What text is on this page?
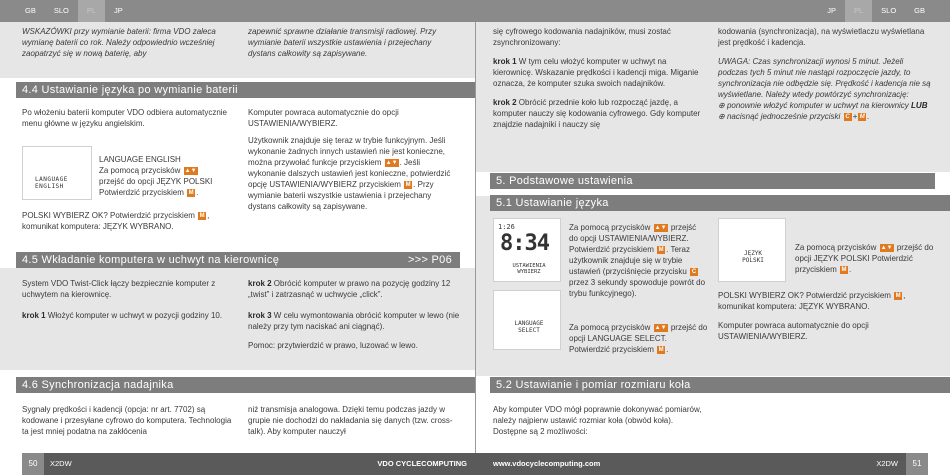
GB	SLO	PL	JP	JP	PL	SLO	GB
WSKAZÓWKI przy wymianie baterii: firma VDO zaleca wymianę baterii co rok. Należy odpowiednio wcześniej zaopatrzyć się w nową baterię, aby
zapewnić sprawne działanie transmisji radiowej. Przy wymianie baterii wszystkie ustawienia i przejechany dystans całkowity są zapisywane.
4.4 Ustawianie języka po wymianie baterii
Po włożeniu baterii komputer VDO odbiera automatycznie menu główne w języku angielskim.
LANGUAGE ENGLISH
LANGUAGE ENGLISH
Za pomocą przycisków ▲▼
przejść do opcji JĘZYK POLSKI
Potwierdzić przyciskiem M .
POLSKI WYBIERZ OK? Potwierdzić przyciskiem M , komunikat komputera: JĘZYK WYBRANO.

Komputer powraca automatycznie do opcji USTAWIENIA/WYBIERZ.

Użytkownik znajduje się teraz w trybie funkcyjnym. Jeśli wykonanie żadnych innych ustawień nie jest konieczne, można przywołać funkcje przyciskiem ▲▼ . Jeśli wykonanie dalszych ustawień jest konieczne, potwierdzić opcję USTAWIENIA/WYBIERZ przyciskiem M . Przy wymianie baterii wszystkie ustawienia i przejechany dystans całkowity są zapisywane.

4.5 Wkładanie komputera w uchwyt na kierownicę	>>> P06

System VDO Twist-Click łączy bezpiecznie komputer z uchwytem na kierownicę.

krok 1 Włożyć komputer w uchwyt w pozycji godziny 10.

krok 2 Obrócić komputer w prawo na pozycję godziny 12 „twist” i zatrzasnąć w uchwycie „click”.

krok 3 W celu wymontowania obrócić komputer w lewo (nie należy przy tym naciskać ani ciągnąć).

Pomoc: przytwierdzić w prawo, luzować w lewo.

4.6 Synchronizacja nadajnika
Sygnały prędkości i kadencji (opcja: nr art. 7702) są kodowane i przesyłane cyfrowo do komputera. Technologia ta jest mniej podatna na zakłócenia
niż transmisja analogowa. Dzięki temu podczas jazdy w grupie nie dochodzi do nakładania się danych (tzw. cross-talk). Aby komputer nauczył

się cyfrowego kodowania nadajników, musi zostać zsynchronizowany:

krok 1 W tym celu włożyć komputer w uchwyt na kierownicę. Wskazanie prędkości i kadencji miga. Miganie oznacza, że komputer szuka swoich nadajników.

krok 2 Obrócić przednie koło lub rozpocząć jazdę, a komputer nauczy się kodowania cyfrowego. Gdy komputer znajdzie nadajniki i nauczy się

kodowania (synchronizacja), na wyświetlaczu wyświetlana jest prędkość i kadencja.

UWAGA: Czas synchronizacji wynosi 5 minut. Jeżeli podczas tych 5 minut nie nastąpi rozpoczęcie jazdy, to synchronizacja nie odbędzie się. Prędkość i kadencja nie są wyświetlane. Należy wtedy powtórzyć synchronizację:

⊕ ponownie włożyć komputer w uchwyt na kierownicy LUB
⊕ nacisnąć jednocześnie przyciski C + M .
5. Podstawowe ustawienia
5.1 Ustawianie języka
1:26
8:34
USTAWIENIA WYBIERZ
LANGUAGE SELECT
Za pomocą przycisków ▲▼ przejść do opcji USTAWIENIA/WYBIERZ. Potwierdzić przyciskiem M . Teraz użytkownik znajduje się w trybie ustawień (przyciśnięcie przycisku C przez 3 sekundy spowoduje powrót do trybu funkcyjnego).
Za pomocą przycisków ▲▼ przejść do opcji LANGUAGE SELECT. Potwierdzić przyciskiem M .
JĘZYK POLSKI
Za pomocą przycisków ▲▼ przejść do opcji JĘZYK POLSKI Potwierdzić przyciskiem M .

POLSKI WYBIERZ OK? Potwierdzić przyciskiem M , komunikat komputera: JĘZYK WYBRANO.

Komputer powraca automatycznie do opcji USTAWIENIA/WYBIERZ.

5.2 Ustawianie i pomiar rozmiaru koła
Aby komputer VDO mógł poprawnie dokonywać pomiarów, należy najpierw ustawić rozmiar koła (obwód koła). Dostępne są 2 możliwości:
50	X2DW	VDO CYCLECOMPUTING	www.vdocyclecomputing.com	X2DW	51
